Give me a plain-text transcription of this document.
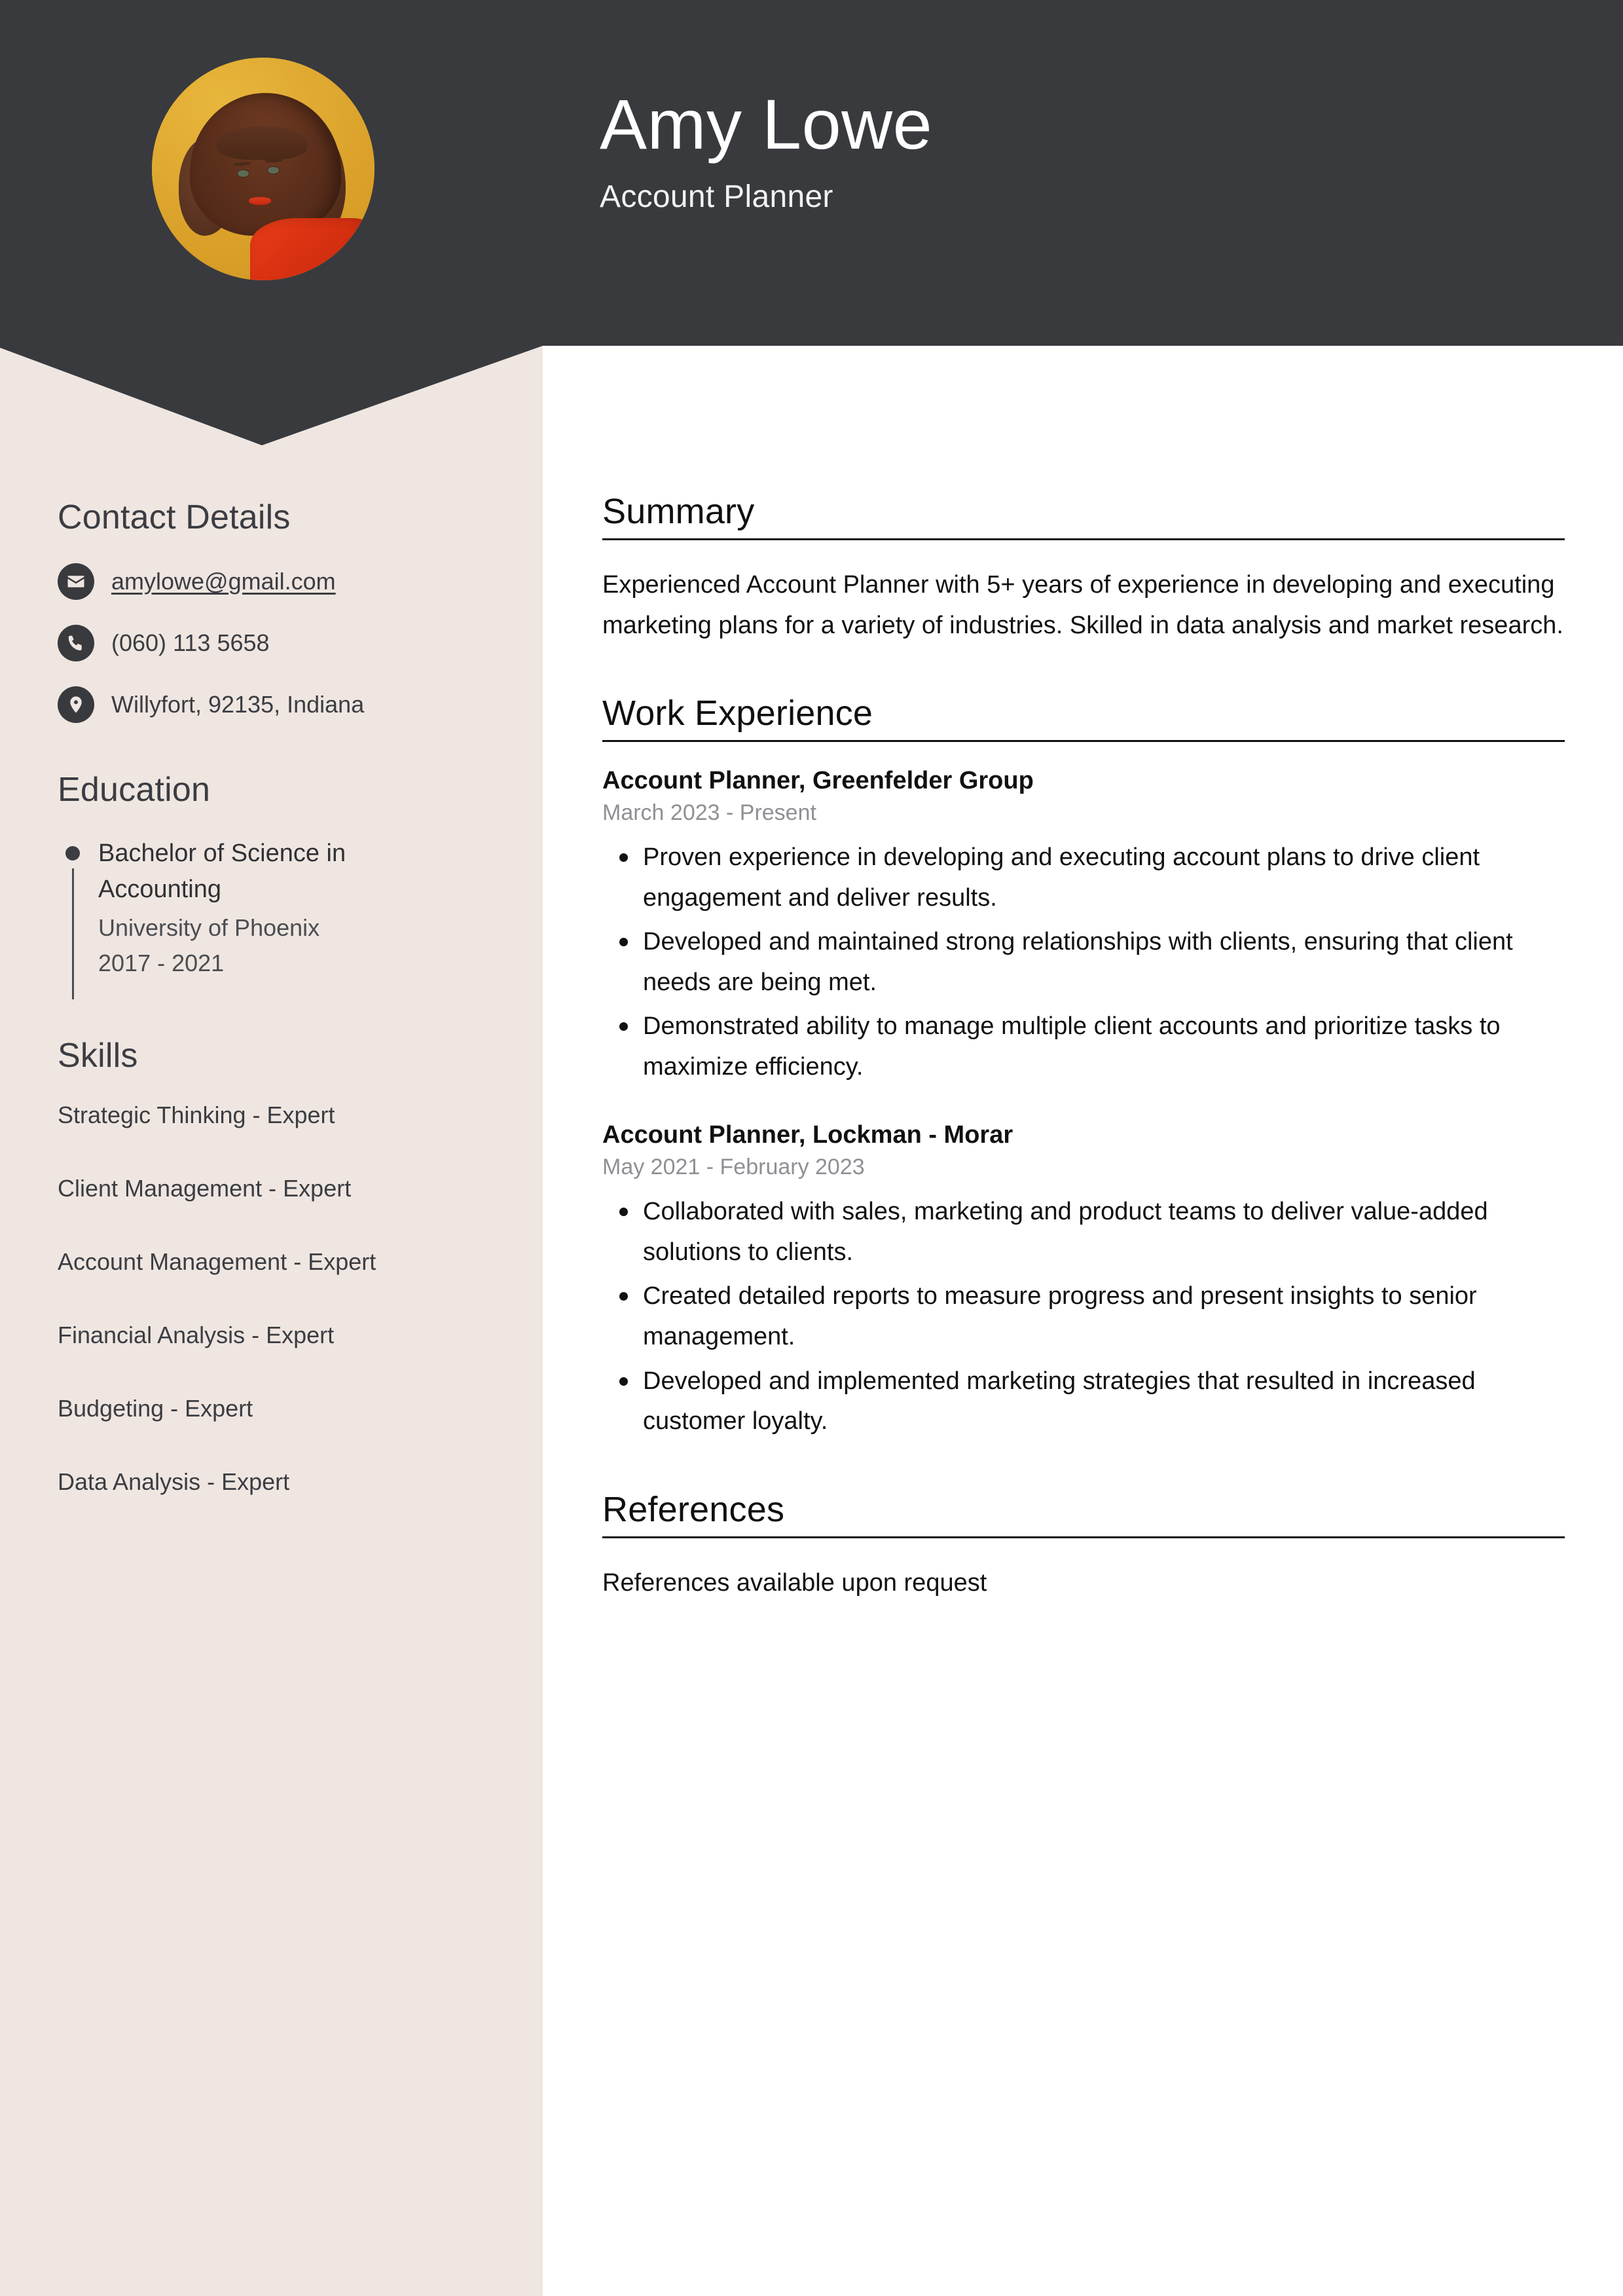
Amy Lowe
Account Planner
Contact Details
amylowe@gmail.com
(060) 113 5658
Willyfort, 92135, Indiana
Education
Bachelor of Science in Accounting
University of Phoenix
2017 - 2021
Skills
Strategic Thinking - Expert
Client Management - Expert
Account Management - Expert
Financial Analysis - Expert
Budgeting - Expert
Data Analysis - Expert
Summary
Experienced Account Planner with 5+ years of experience in developing and executing marketing plans for a variety of industries. Skilled in data analysis and market research.
Work Experience
Account Planner, Greenfelder Group
March 2023 - Present
Proven experience in developing and executing account plans to drive client engagement and deliver results.
Developed and maintained strong relationships with clients, ensuring that client needs are being met.
Demonstrated ability to manage multiple client accounts and prioritize tasks to maximize efficiency.
Account Planner, Lockman - Morar
May 2021 - February 2023
Collaborated with sales, marketing and product teams to deliver value-added solutions to clients.
Created detailed reports to measure progress and present insights to senior management.
Developed and implemented marketing strategies that resulted in increased customer loyalty.
References
References available upon request
